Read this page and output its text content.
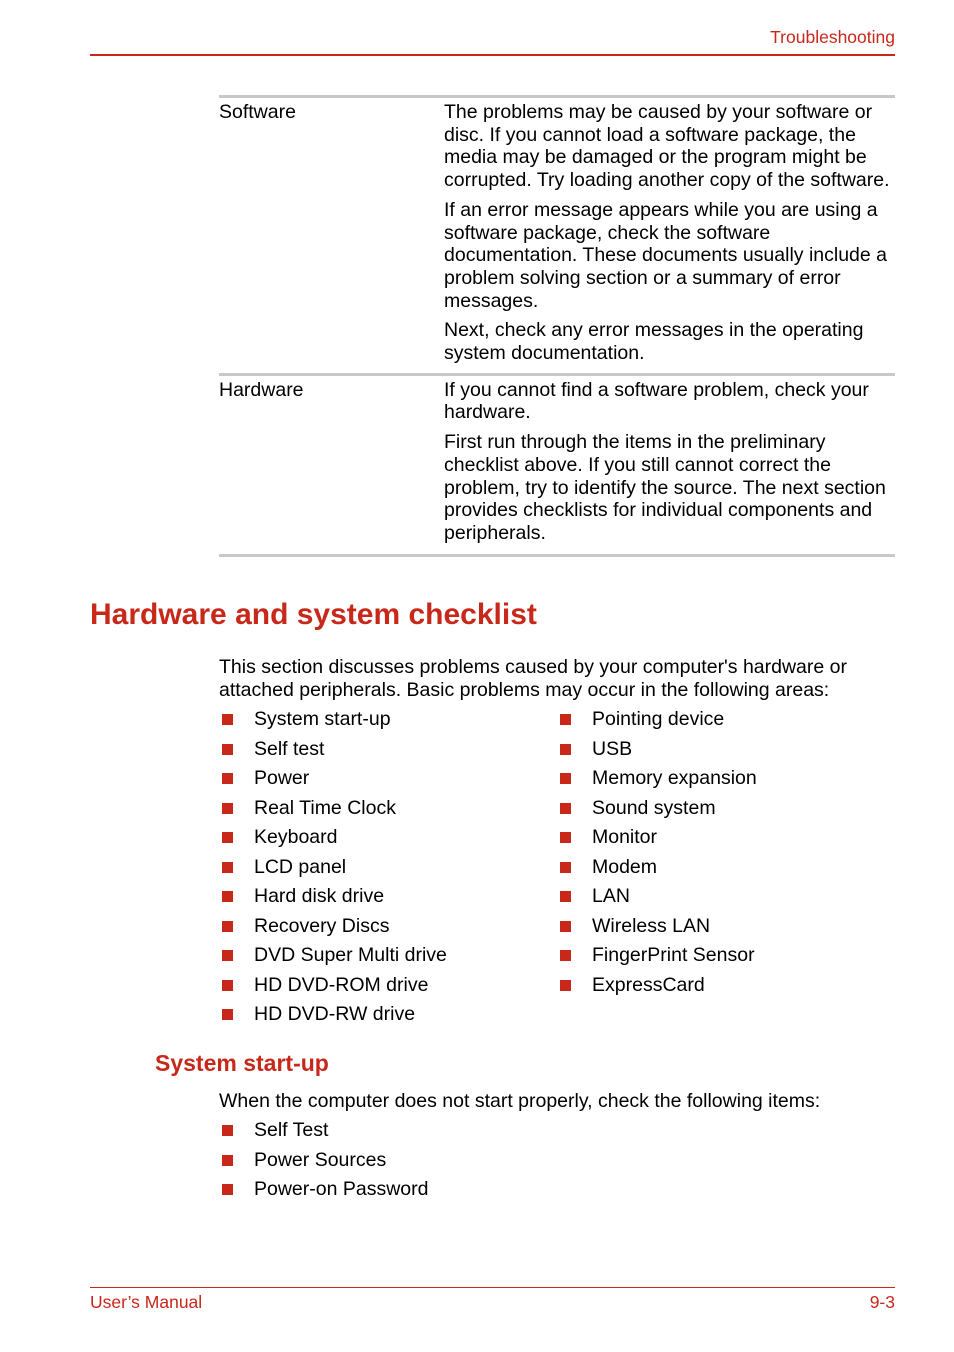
Troubleshooting
Software	The problems may be caused by your software or disc. If you cannot load a software package, the media may be damaged or the program might be corrupted. Try loading another copy of the software.

If an error message appears while you are using a software package, check the software documentation. These documents usually include a problem solving section or a summary of error messages.

Next, check any error messages in the operating system documentation.

Hardware	If you cannot find a software problem, check your hardware.

First run through the items in the preliminary checklist above. If you still cannot correct the problem, try to identify the source. The next section provides checklists for individual components and peripherals.

Hardware and system checklist

This section discusses problems caused by your computer's hardware or attached peripherals. Basic problems may occur in the following areas:

System start-up
Self test
Power
Real Time Clock
Keyboard
LCD panel
Hard disk drive
Recovery Discs
DVD Super Multi drive
HD DVD-ROM drive
HD DVD-RW drive
Pointing device
USB
Memory expansion
Sound system
Monitor
Modem
LAN
Wireless LAN
FingerPrint Sensor
ExpressCard
System start-up

When the computer does not start properly, check the following items:

Self Test
Power Sources
Power-on Password
User’s Manual	9-3
